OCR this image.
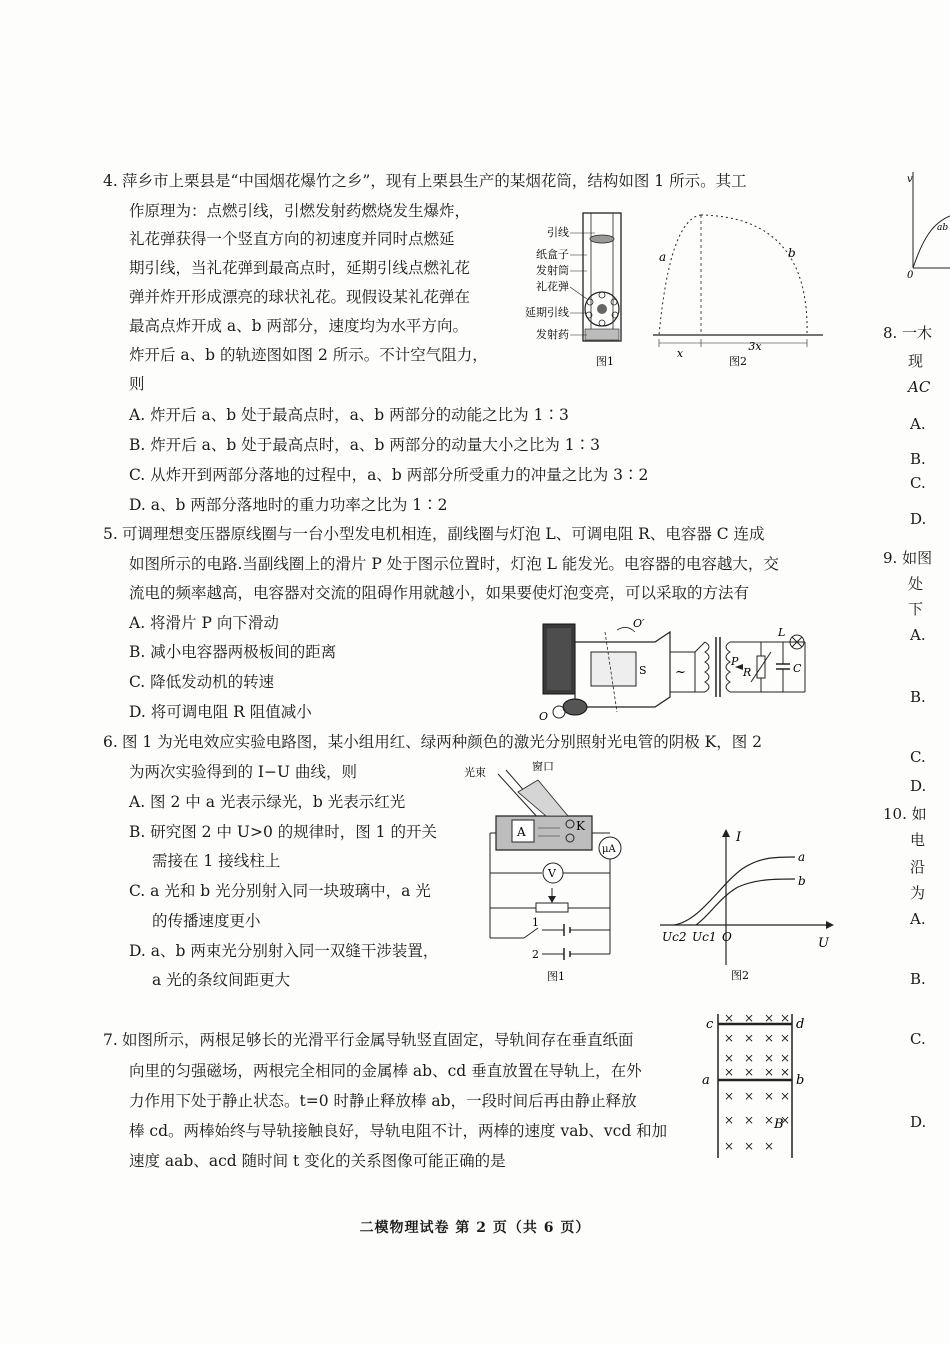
4. 萍乡市上栗县是“中国烟花爆竹之乡”，现有上栗县生产的某烟花筒，结构如图 1 所示。其工
作原理为：点燃引线，引燃发射药燃烧发生爆炸，
礼花弹获得一个竖直方向的初速度并同时点燃延
期引线，当礼花弹到最高点时，延期引线点燃礼花
弹并炸开形成漂亮的球状礼花。现假设某礼花弹在
最高点炸开成 a、b 两部分，速度均为水平方向。
炸开后 a、b 的轨迹图如图 2 所示。不计空气阻力，
则
A. 炸开后 a、b 处于最高点时，a、b 两部分的动能之比为 1∶3
B. 炸开后 a、b 处于最高点时，a、b 两部分的动量大小之比为 1∶3
C. 从炸开到两部分落地的过程中，a、b 两部分所受重力的冲量之比为 3∶2
D. a、b 两部分落地时的重力功率之比为 1∶2
引线
纸盒子
发射筒
礼花弹
延期引线
发射药
图1
a	b
x
3x
图2
5. 可调理想变压器原线圈与一台小型发电机相连，副线圈与灯泡 L、可调电阻 R、电容器 C 连成
如图所示的电路.当副线圈上的滑片 P 处于图示位置时，灯泡 L 能发光。电容器的电容越大，交
流电的频率越高，电容器对交流的阻碍作用就越小，如果要使灯泡变亮，可以采取的方法有
A. 将滑片 P 向下滑动
B. 减小电容器两极板间的距离
C. 降低发动机的转速
D. 将可调电阻 R 阻值减小
O′
S
O
~
P
R
L
C
6. 图 1 为光电效应实验电路图，某小组用红、绿两种颜色的激光分别照射光电管的阴极 K，图 2
为两次实验得到的 I−U 曲线，则
A. 图 2 中 a 光表示绿光，b 光表示红光
B. 研究图 2 中 U>0 的规律时，图 1 的开关
需接在 1 接线柱上
C. a 光和 b 光分别射入同一块玻璃中，a 光
的传播速度更小
D. a、b 两束光分别射入同一双缝干涉装置，
a 光的条纹间距更大
光束	窗口
A	K
μA
V
1
2
图1
I
U
a
b
Uc2 Uc1 O
图2
7. 如图所示，两根足够长的光滑平行金属导轨竖直固定，导轨间存在垂直纸面
向里的匀强磁场，两根完全相同的金属棒 ab、cd 垂直放置在导轨上，在外
力作用下处于静止状态。t=0 时静止释放棒 ab，一段时间后再由静止释放
棒 cd。两棒始终与导轨接触良好，导轨电阻不计，两棒的速度 vab、vcd 和加
速度 aab、acd 随时间 t 变化的关系图像可能正确的是
c	d
a	b
× × × ×
× × × ×
× × × ×
× × × ×
× × × ×
× × × ×
× × ×
B
v
0
ab
8. 一木
现
AC
A.
B.
C.
D.
9. 如图
处
下
A.
B.
C.
D.
10. 如
电
沿
为
A.
B.
C.
D.
二模物理试卷 第 2 页（共 6 页）
